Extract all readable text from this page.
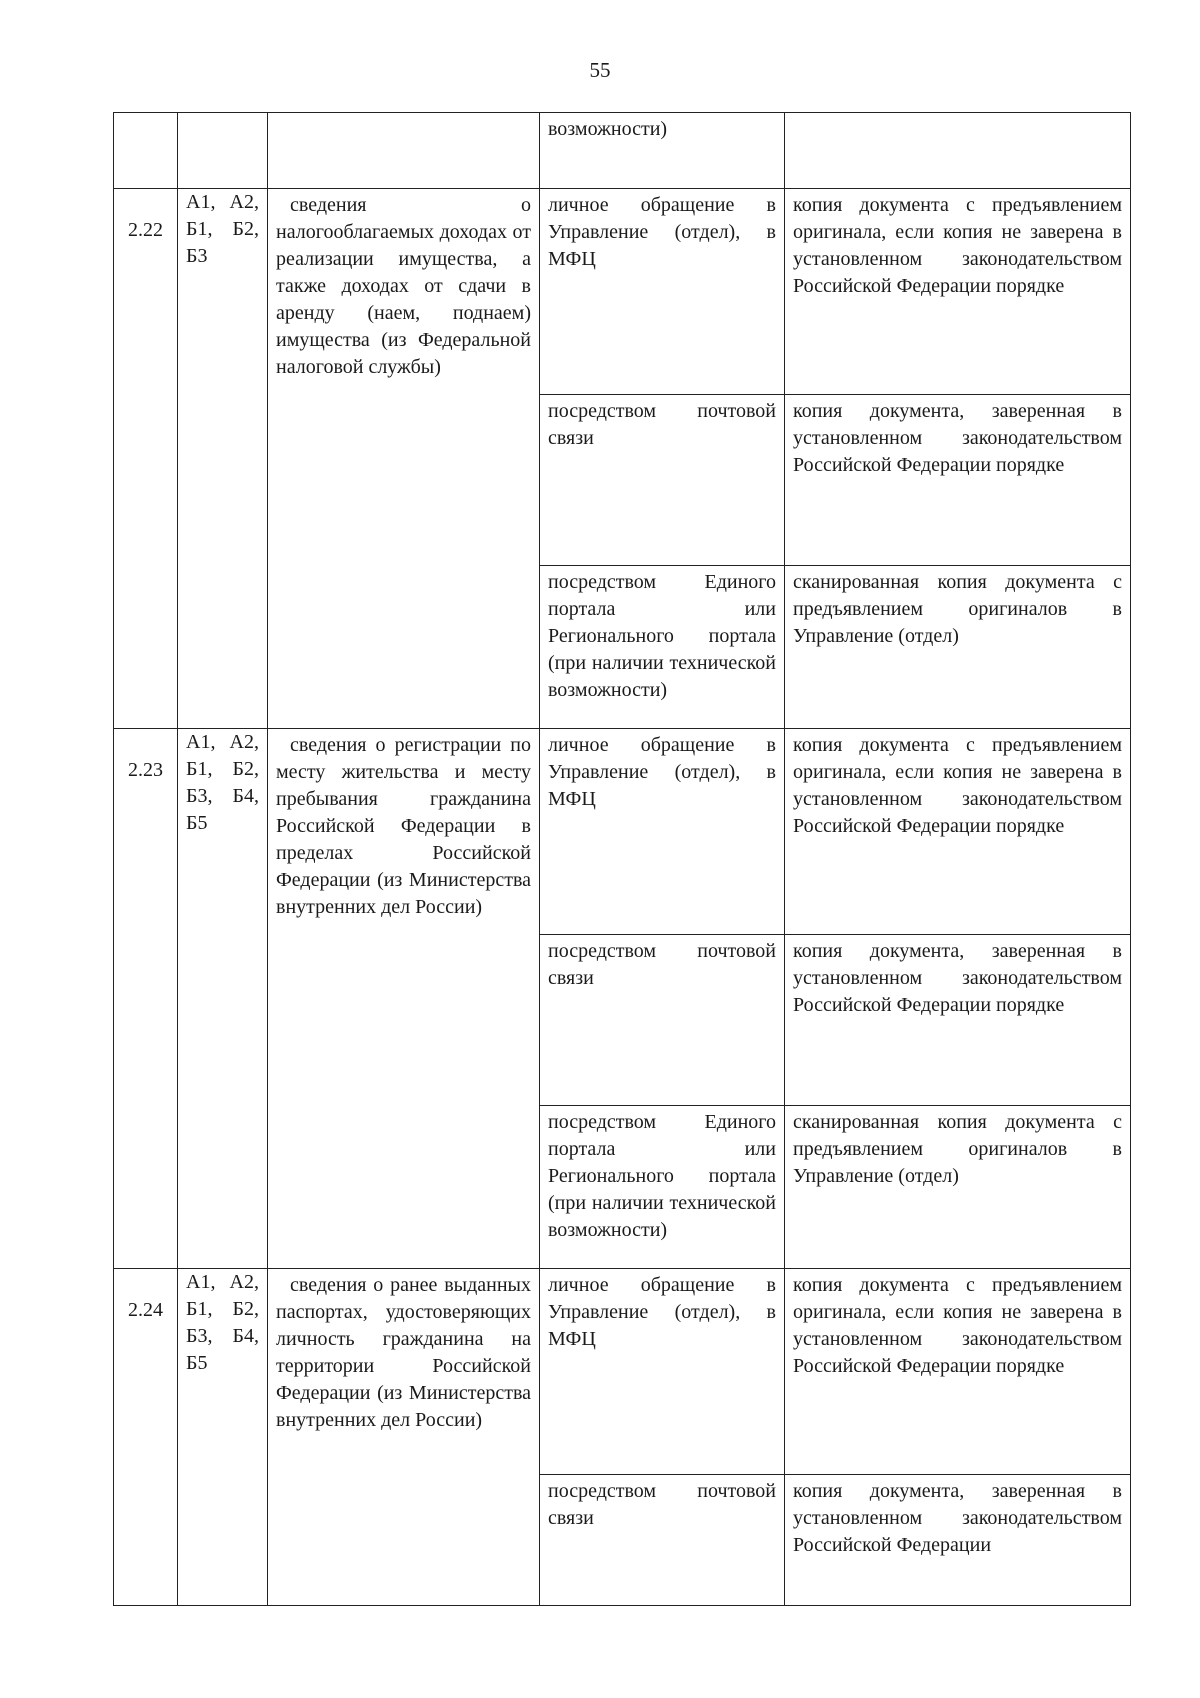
55
			возможности)	
2.22	А1, А2, Б1, Б2, Б3	сведения о налогооблагаемых доходах от реализации имущества, а также доходах от сдачи в аренду (наем, поднаем) имущества (из Федеральной налоговой службы)	личное обращение в Управление (отдел), в МФЦ	копия документа с предъявлением оригинала, если копия не заверена в установленном законодательством Российской Федерации порядке
			посредством почтовой связи	копия документа, заверенная в установленном законодательством Российской Федерации порядке
			посредством Единого портала или Регионального портала (при наличии технической возможности)	сканированная копия документа с предъявлением оригиналов в Управление (отдел)
2.23	А1, А2, Б1, Б2, Б3, Б4, Б5	сведения о регистрации по месту жительства и месту пребывания гражданина Российской Федерации в пределах Российской Федерации (из Министерства внутренних дел России)	личное обращение в Управление (отдел), в МФЦ	копия документа с предъявлением оригинала, если копия не заверена в установленном законодательством Российской Федерации порядке
			посредством почтовой связи	копия документа, заверенная в установленном законодательством Российской Федерации порядке
			посредством Единого портала или Регионального портала (при наличии технической возможности)	сканированная копия документа с предъявлением оригиналов в Управление (отдел)
2.24	А1, А2, Б1, Б2, Б3, Б4, Б5	сведения о ранее выданных паспортах, удостоверяющих личность гражданина на территории Российской Федерации (из Министерства внутренних дел России)	личное обращение в Управление (отдел), в МФЦ	копия документа с предъявлением оригинала, если копия не заверена в установленном законодательством Российской Федерации порядке
			посредством почтовой связи	копия документа, заверенная в установленном законодательством Российской Федерации
